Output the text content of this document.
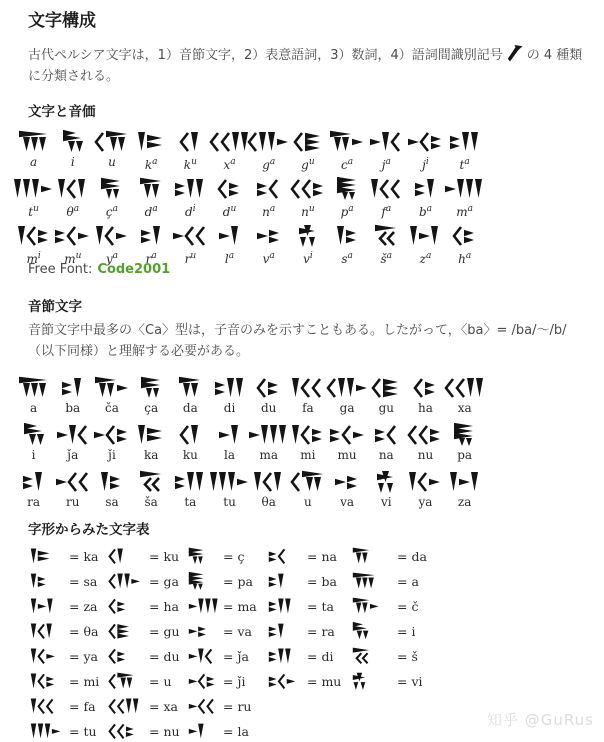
文字構成
古代ペルシア文字は，1）音節文字，2）表意語詞，3）数詞，4）語詞間識別記号 の 4 種類に分類される。
文字と音価
a	i	u $k^a$ $k^u$ $x^a$ $g^a$ $g^u$ $c^a$ $j^a$	$j^i$	$t^a$
$t^u$ $\theta^a$ $ç^a$ $d^a$ $d^i$ $d^u$ $n^a$ $n^u$ $p^a$ $f^a$ $b^a$ $m^a$
$m^i$ $m^u$ $y^a$ $r^a$ $r^u$ $l^a$ $v^a$ $v^i$ $s^a$ $š^a$ $z^a$ $h^a$
Free Font: Code2001
音節文字
音節文字中最多の〈Ca〉型は，子音のみを示すこともある。したがって，〈ba〉= /ba/～/b/（以下同様）と理解する必要がある。
a ba ča ça da di du fa ga gu ha xa
i	ǰa ǰi ka ku la ma mi mu na nu pa
ra ru sa ša ta tu θa u va vi ya za
字形からみた文字表
= ka	= ku	= ç	= na	= da
= sa	= ga	= pa	= ba	= a
= za	= ha	= ma	= ta	= č
= θa	= gu	= va	= ra	= i
= ya	= du	= ǰa	= di	= š
= mi	= u	= ǰi	= mu	= vi
= fa	= xa	= ru
= tu	= nu	= la
知乎 @GuRus
